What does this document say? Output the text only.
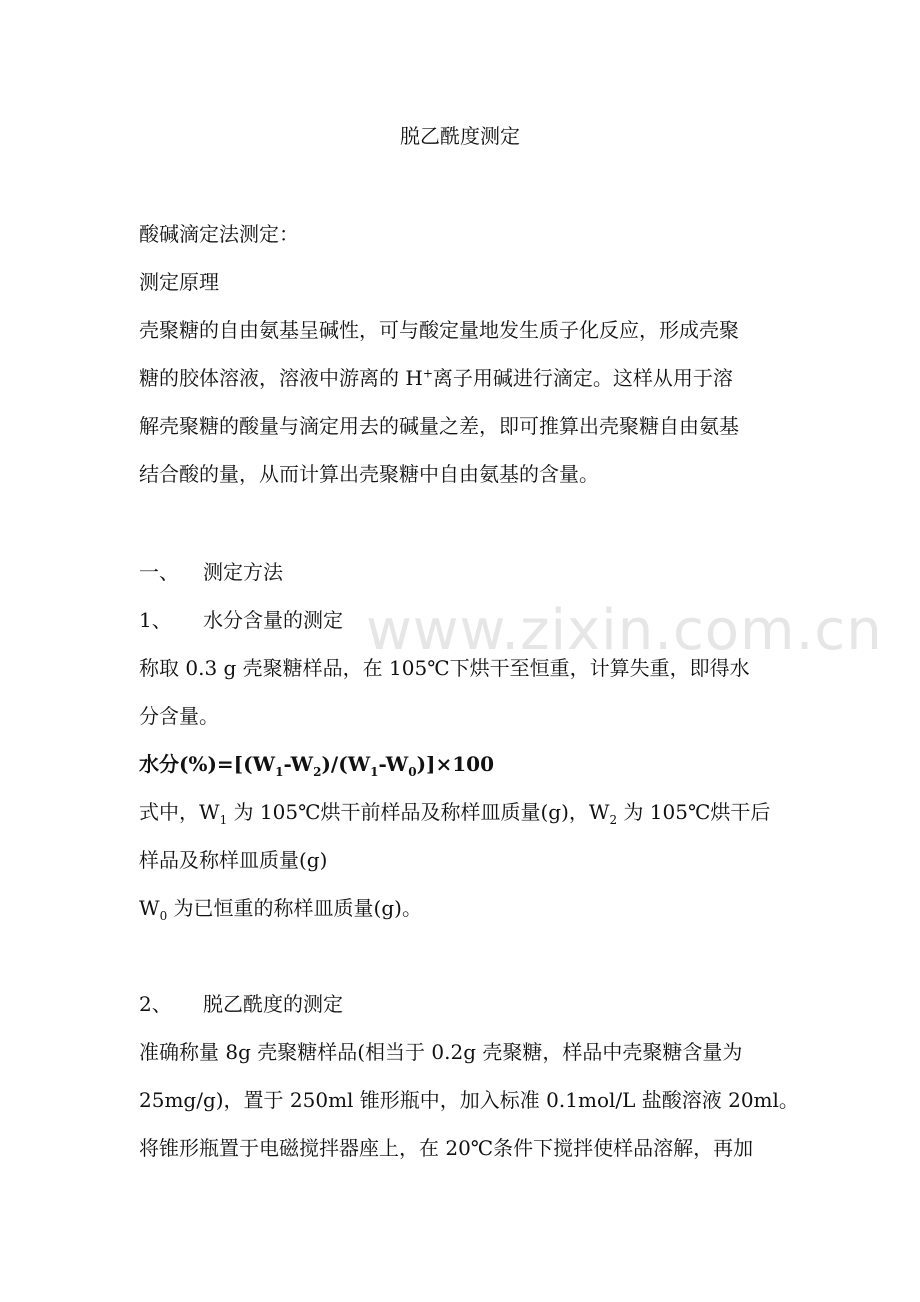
www.zixin.com.cn
脱乙酰度测定
酸碱滴定法测定：
测定原理
壳聚糖的自由氨基呈碱性，可与酸定量地发生质子化反应，形成壳聚
糖的胶体溶液，溶液中游离的 H+离子用碱进行滴定。这样从用于溶
解壳聚糖的酸量与滴定用去的碱量之差，即可推算出壳聚糖自由氨基
结合酸的量，从而计算出壳聚糖中自由氨基的含量。
一、 测定方法
1、 水分含量的测定
称取 0.3 g 壳聚糖样品，在 105℃下烘干至恒重，计算失重，即得水
分含量。
水分$(\%)=[(W_1-W_2)/(W_1-W_0)]\times 100$
式中，$W_1$ 为 105℃烘干前样品及称样皿质量(g)，$W_2$ 为 105℃烘干后
样品及称样皿质量(g)
$W_0$ 为已恒重的称样皿质量(g)。
2、 脱乙酰度的测定
准确称量 8g 壳聚糖样品(相当于 0.2g 壳聚糖，样品中壳聚糖含量为
25mg/g)，置于 250ml 锥形瓶中，加入标准 0.1mol/L 盐酸溶液 20ml。
将锥形瓶置于电磁搅拌器座上，在 20℃条件下搅拌使样品溶解，再加
